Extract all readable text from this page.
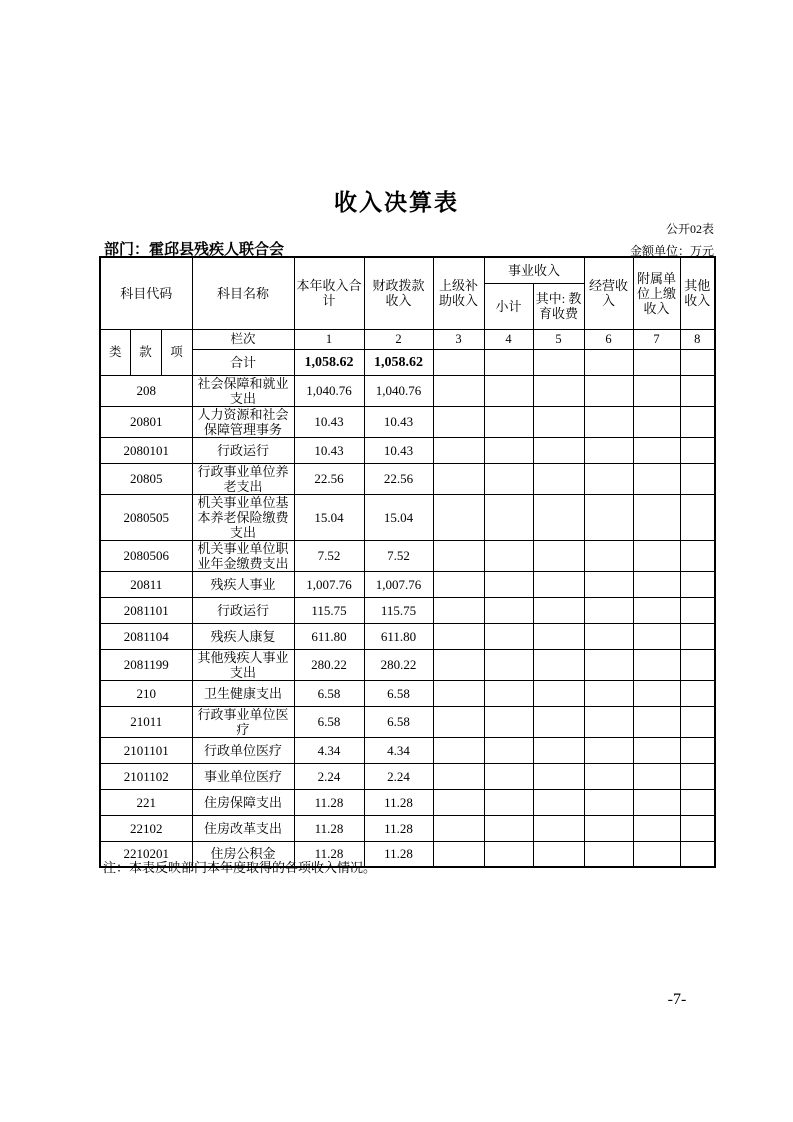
收入决算表
公开02表
部门：霍邱县残疾人联合会	金额单位：万元
科目代码			科目名称	本年收入合计	财政拨款收入	上级补助收入	事业收入		经营收入	附属单位上缴收入	其他收入
							小计	其中: 教育收费			
类	款	项	栏次	1	2	3	4	5	6	7	8
			合计	1,058.62	1,058.62						
208			社会保障和就业支出	1,040.76	1,040.76						
20801			人力资源和社会保障管理事务	10.43	10.43						
2080101			行政运行	10.43	10.43						
20805			行政事业单位养老支出	22.56	22.56						
2080505			机关事业单位基本养老保险缴费支出	15.04	15.04						
2080506			机关事业单位职业年金缴费支出	7.52	7.52						
20811			残疾人事业	1,007.76	1,007.76						
2081101			行政运行	115.75	115.75						
2081104			残疾人康复	611.80	611.80						
2081199			其他残疾人事业支出	280.22	280.22						
210			卫生健康支出	6.58	6.58						
21011			行政事业单位医疗	6.58	6.58						
2101101			行政单位医疗	4.34	4.34						
2101102			事业单位医疗	2.24	2.24						
221			住房保障支出	11.28	11.28						
22102			住房改革支出	11.28	11.28						
2210201			住房公积金	11.28	11.28						
注：本表反映部门本年度取得的各项收入情况。
-7-
